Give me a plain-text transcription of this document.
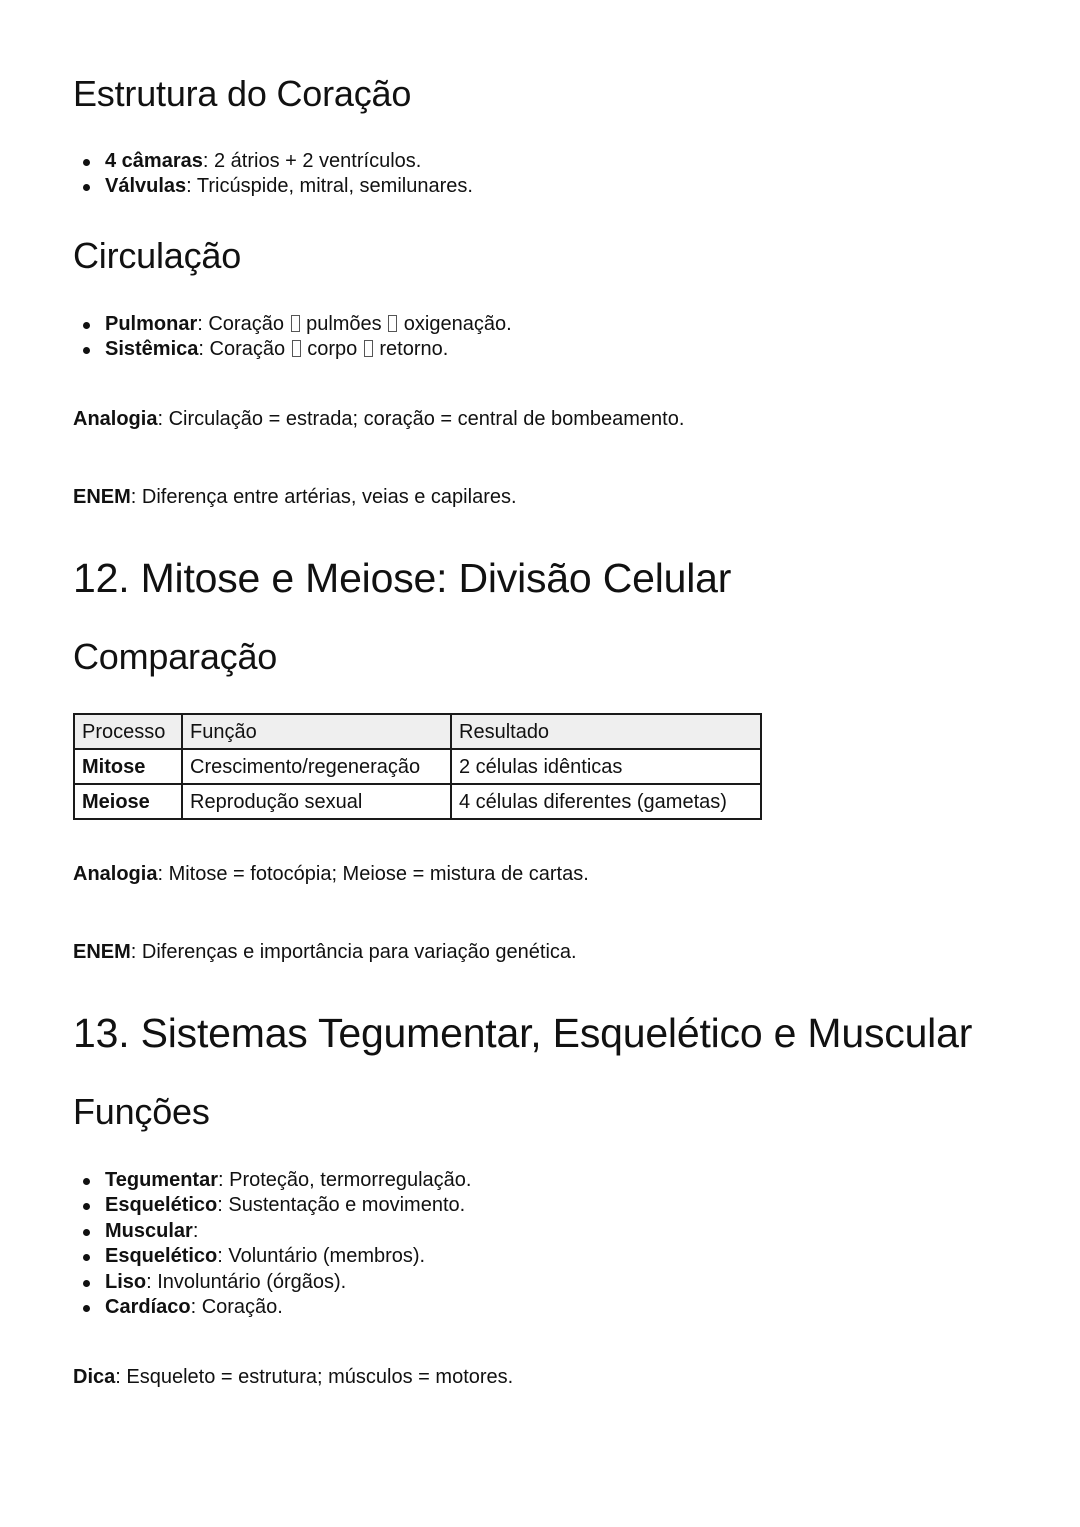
Estrutura do Coração
4 câmaras: 2 átrios + 2 ventrículos.
Válvulas: Tricúspide, mitral, semilunares.
Circulação
Pulmonar: Coração  pulmões  oxigenação.
Sistêmica: Coração  corpo  retorno.
Analogia: Circulação = estrada; coração = central de bombeamento.
ENEM: Diferença entre artérias, veias e capilares.
12. Mitose e Meiose: Divisão Celular
Comparação
Processo	Função	Resultado
Mitose	Crescimento/regeneração	2 células idênticas
Meiose	Reprodução sexual	4 células diferentes (gametas)
Analogia: Mitose = fotocópia; Meiose = mistura de cartas.
ENEM: Diferenças e importância para variação genética.
13. Sistemas Tegumentar, Esquelético e Muscular
Funções
Tegumentar: Proteção, termorregulação.
Esquelético: Sustentação e movimento.
Muscular:
Esquelético: Voluntário (membros).
Liso: Involuntário (órgãos).
Cardíaco: Coração.
Dica: Esqueleto = estrutura; músculos = motores.
